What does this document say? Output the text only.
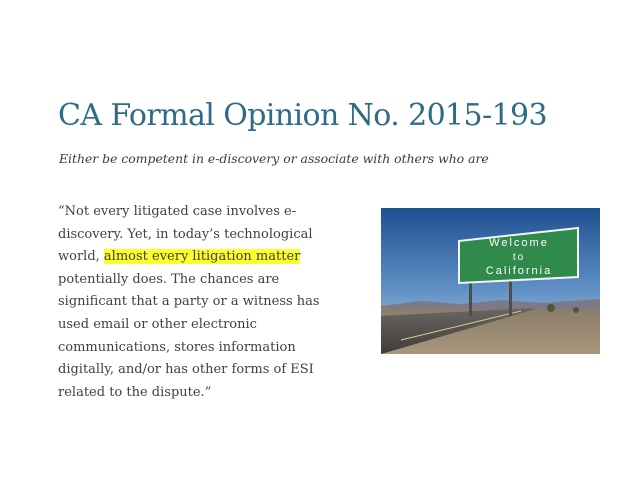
CA Formal Opinion No. 2015-193
Either be competent in e-discovery or associate with others who are
“Not every litigated case involves e-discovery. Yet, in today’s technological world, almost every litigation matter potentially does. The chances are significant that a party or a witness has used email or other electronic communications, stores information digitally, and/or has other forms of ESI related to the dispute.”
Welcome
to
California
